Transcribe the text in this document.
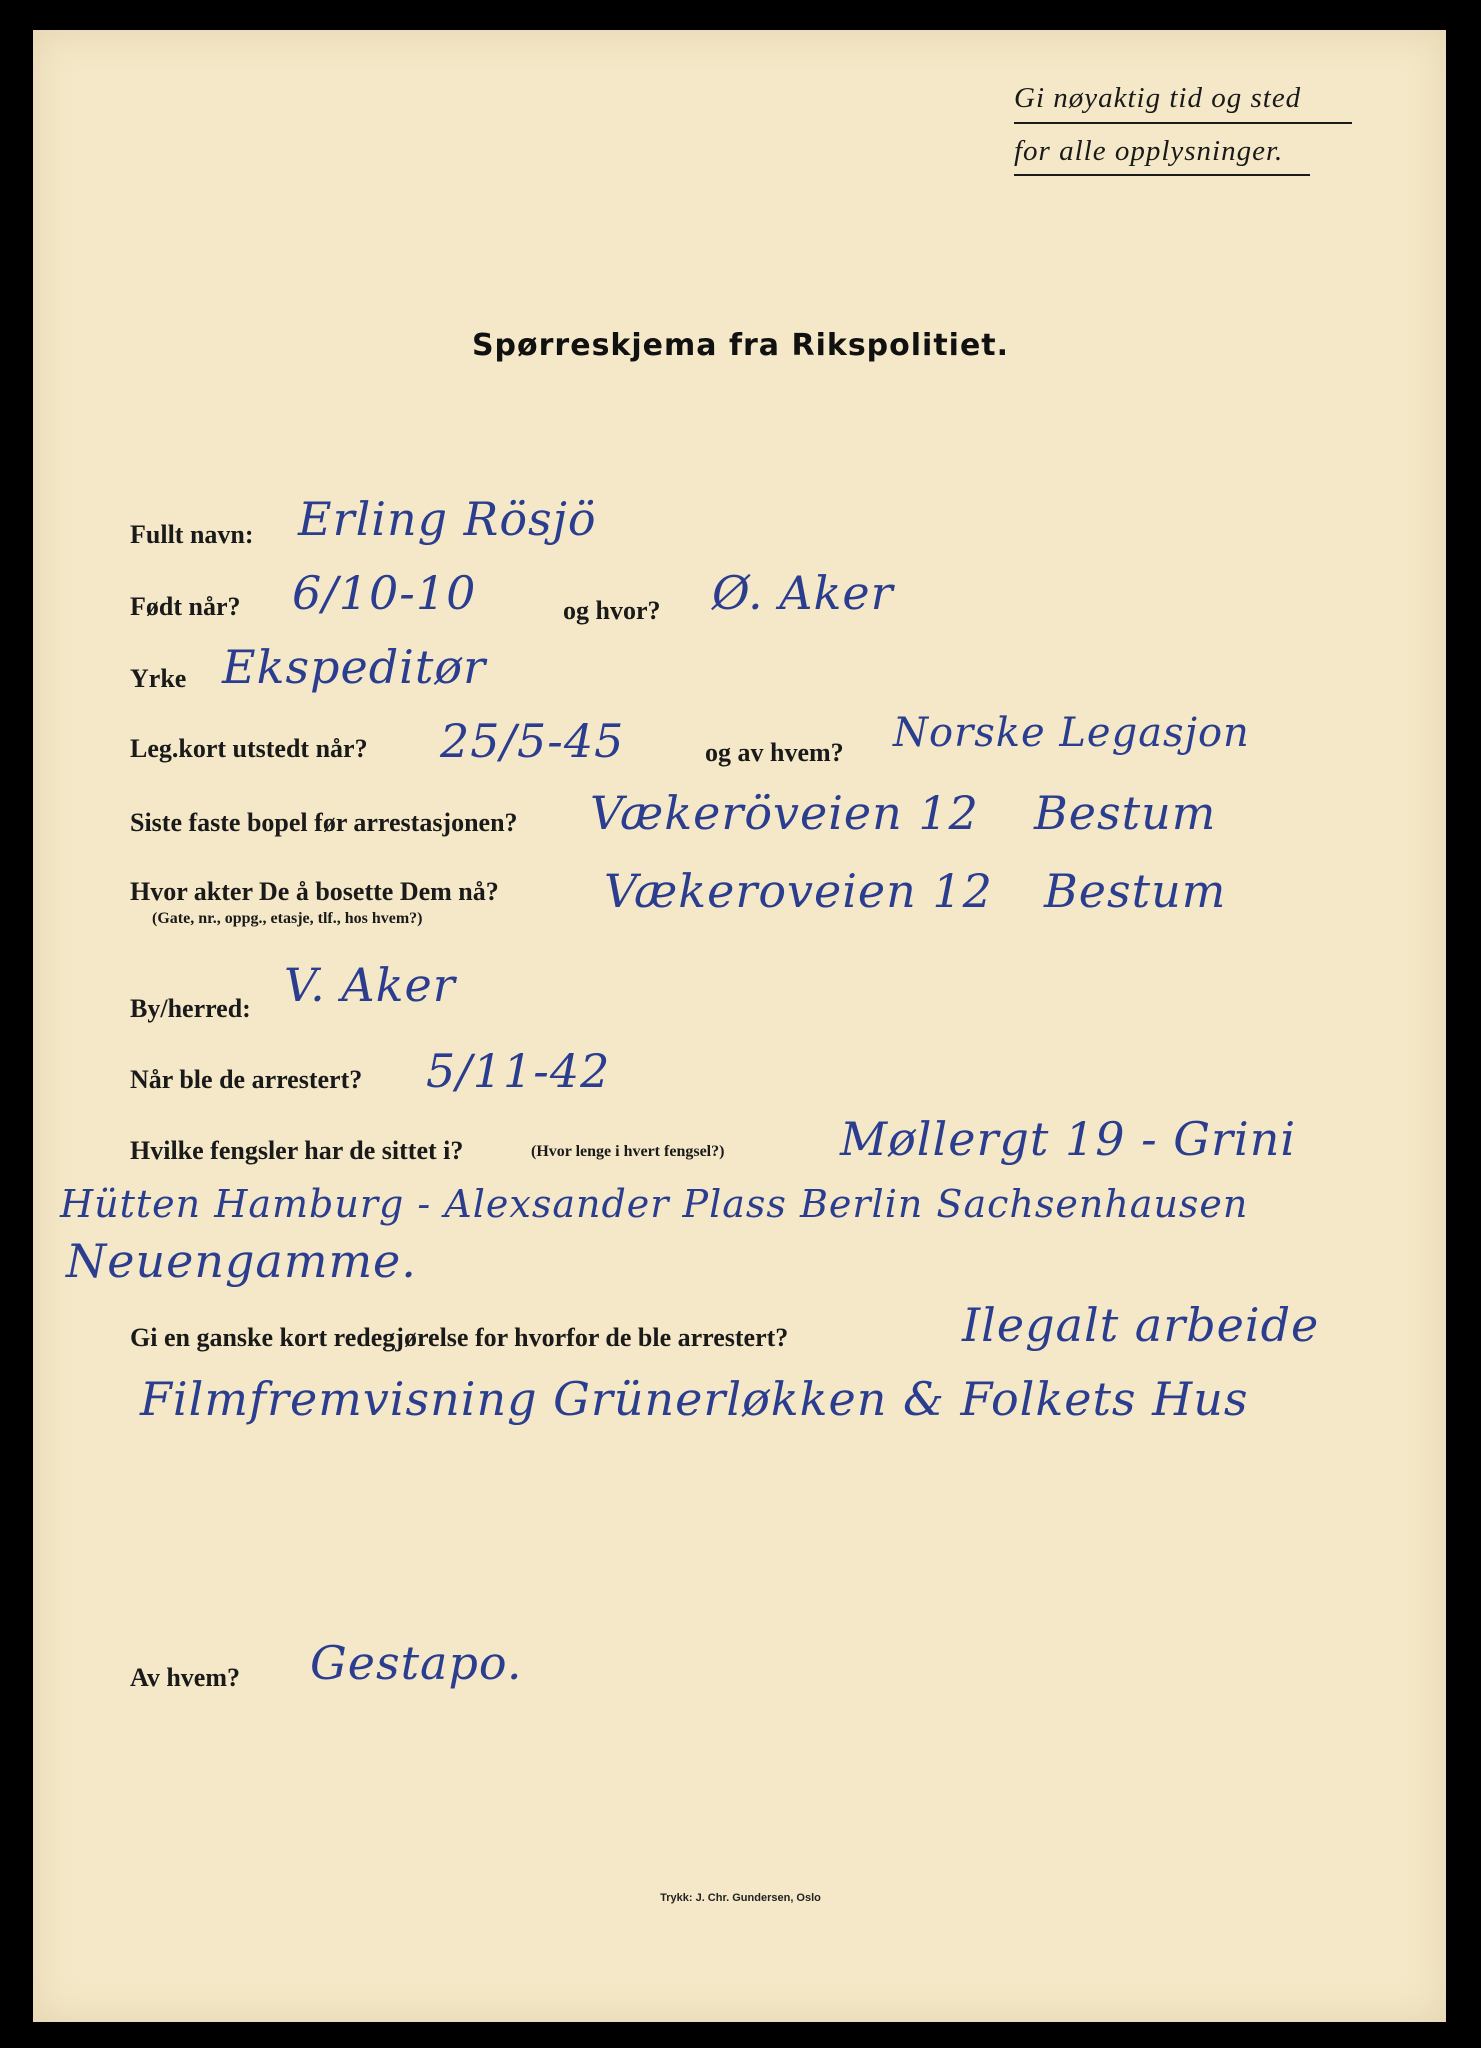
Gi nøyaktig tid og sted
for alle opplysninger.
Spørreskjema fra Rikspolitiet.
Fullt navn: Erling Rösjö
Født når? 6/10-10	og hvor? Ø. Aker
Yrke Ekspeditør
Leg.kort utstedt når? 25/5-45	og av hvem? Norske Legasjon
Siste faste bopel før arrestasjonen? Vækeröveien 12 Bestum
Hvor akter De å bosette Dem nå?
(Gate, nr., oppg., etasje, tlf., hos hvem?)
Vækeroveien 12 Bestum
By/herred: V. Aker
Når ble de arrestert? 5/11-42
Hvilke fengsler har de sittet i?	(Hvor lenge i hvert fengsel?)	Møllergt 19 - Grini
Hütten Hamburg - Alexsander Plass Berlin Sachsenhausen
Neuengamme.
Gi en ganske kort redegjørelse for hvorfor de ble arrestert?	Ilegalt arbeide
Filmfremvisning Grünerløkken & Folkets Hus
Av hvem? Gestapo.
Trykk: J. Chr. Gundersen, Oslo
